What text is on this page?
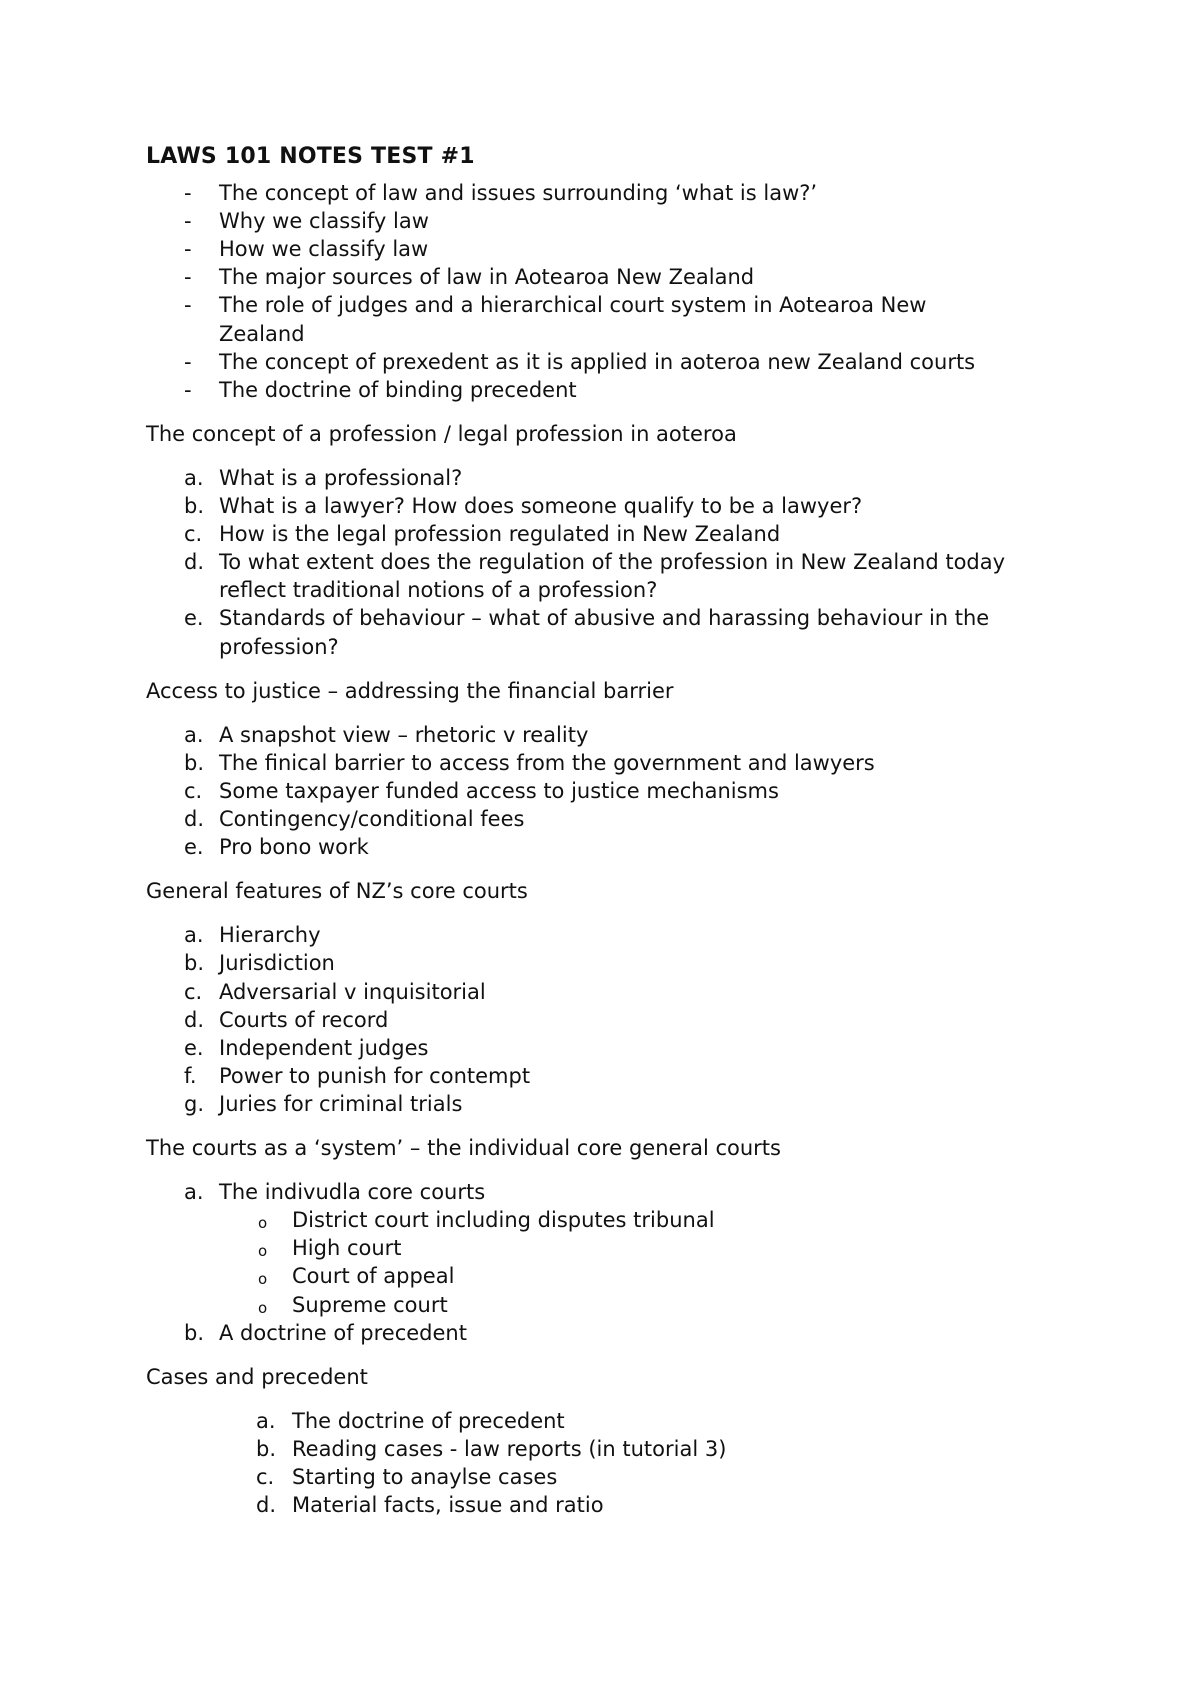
LAWS 101 NOTES TEST #1
- The concept of law and issues surrounding ‘what is law?’
- Why we classify law
- How we classify law
- The major sources of law in Aotearoa New Zealand
- The role of judges and a hierarchical court system in Aotearoa New
Zealand
- The concept of prexedent as it is applied in aoteroa new Zealand courts
- The doctrine of binding precedent
The concept of a profession / legal profession in aoteroa
a. What is a professional?
b. What is a lawyer? How does someone qualify to be a lawyer?
c. How is the legal profession regulated in New Zealand
d. To what extent does the regulation of the profession in New Zealand today
reflect traditional notions of a profession?
e. Standards of behaviour – what of abusive and harassing behaviour in the
profession?
Access to justice – addressing the financial barrier
a. A snapshot view – rhetoric v reality
b. The finical barrier to access from the government and lawyers
c. Some taxpayer funded access to justice mechanisms
d. Contingency/conditional fees
e. Pro bono work
General features of NZ’s core courts
a. Hierarchy
b. Jurisdiction
c. Adversarial v inquisitorial
d. Courts of record
e. Independent judges
f. Power to punish for contempt
g. Juries for criminal trials
The courts as a ‘system’ – the individual core general courts
a. The indivudla core courts
o District court including disputes tribunal
o High court
o Court of appeal
o Supreme court
b. A doctrine of precedent
Cases and precedent
a. The doctrine of precedent
b. Reading cases - law reports (in tutorial 3)
c. Starting to anaylse cases
d. Material facts, issue and ratio
